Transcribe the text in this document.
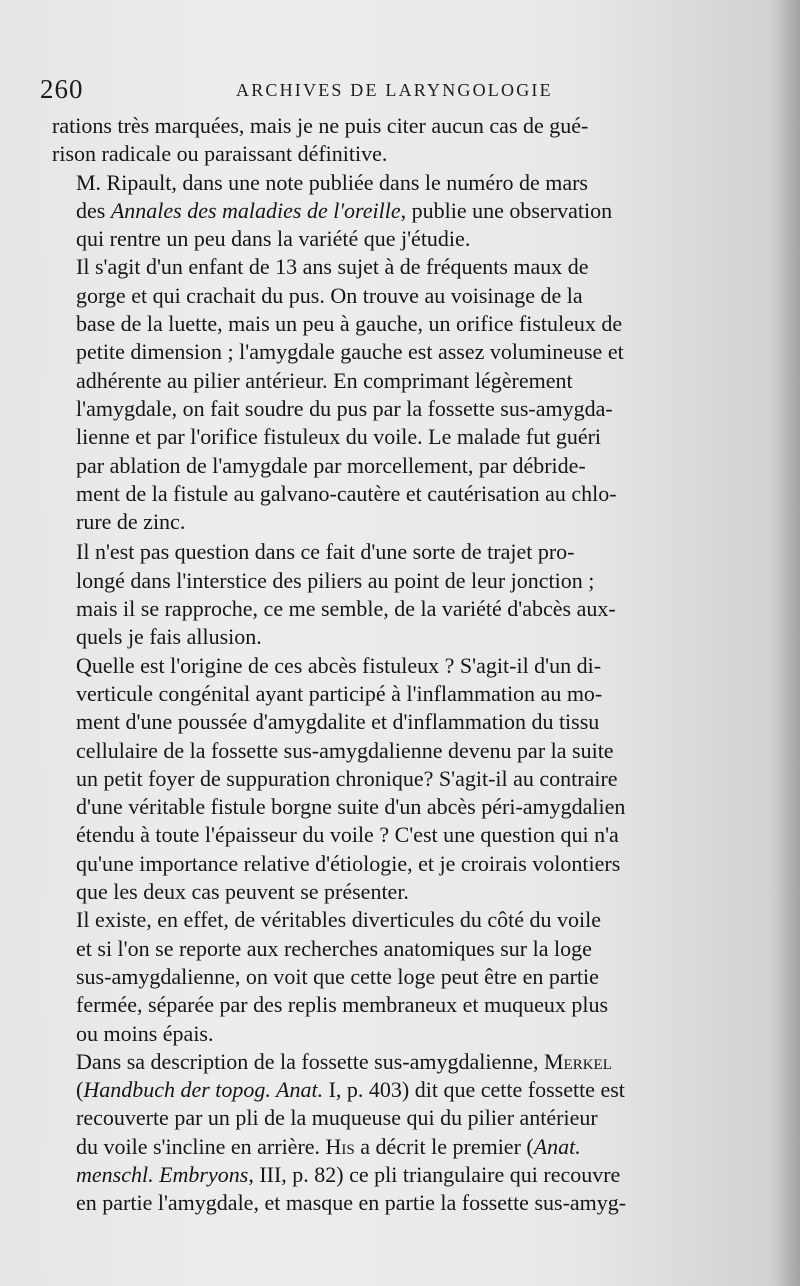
260	ARCHIVES DE LARYNGOLOGIE

rations très marquées, mais je ne puis citer aucun cas de gué-
rison radicale ou paraissant définitive.

M. Ripault, dans une note publiée dans le numéro de mars
des Annales des maladies de l'oreille, publie une observation
qui rentre un peu dans la variété que j'étudie.

Il s'agit d'un enfant de 13 ans sujet à de fréquents maux de
gorge et qui crachait du pus. On trouve au voisinage de la
base de la luette, mais un peu à gauche, un orifice fistuleux de
petite dimension ; l'amygdale gauche est assez volumineuse et
adhérente au pilier antérieur. En comprimant légèrement
l'amygdale, on fait soudre du pus par la fossette sus-amygda-
lienne et par l'orifice fistuleux du voile. Le malade fut guéri
par ablation de l'amygdale par morcellement, par débride-
ment de la fistule au galvano-cautère et cautérisation au chlo-
rure de zinc.

Il n'est pas question dans ce fait d'une sorte de trajet pro-
longé dans l'interstice des piliers au point de leur jonction ;
mais il se rapproche, ce me semble, de la variété d'abcès aux-
quels je fais allusion.

Quelle est l'origine de ces abcès fistuleux ? S'agit-il d'un di-
verticule congénital ayant participé à l'inflammation au mo-
ment d'une poussée d'amygdalite et d'inflammation du tissu
cellulaire de la fossette sus-amygdalienne devenu par la suite
un petit foyer de suppuration chronique? S'agit-il au contraire
d'une véritable fistule borgne suite d'un abcès péri-amygdalien
étendu à toute l'épaisseur du voile ? C'est une question qui n'a
qu'une importance relative d'étiologie, et je croirais volontiers
que les deux cas peuvent se présenter.

Il existe, en effet, de véritables diverticules du côté du voile
et si l'on se reporte aux recherches anatomiques sur la loge
sus-amygdalienne, on voit que cette loge peut être en partie
fermée, séparée par des replis membraneux et muqueux plus
ou moins épais.

Dans sa description de la fossette sus-amygdalienne, Merkel
(Handbuch der topog. Anat. I, p. 403) dit que cette fossette est
recouverte par un pli de la muqueuse qui du pilier antérieur
du voile s'incline en arrière. His a décrit le premier (Anat.
menschl. Embryons, III, p. 82) ce pli triangulaire qui recouvre
en partie l'amygdale, et masque en partie la fossette sus-amyg-
